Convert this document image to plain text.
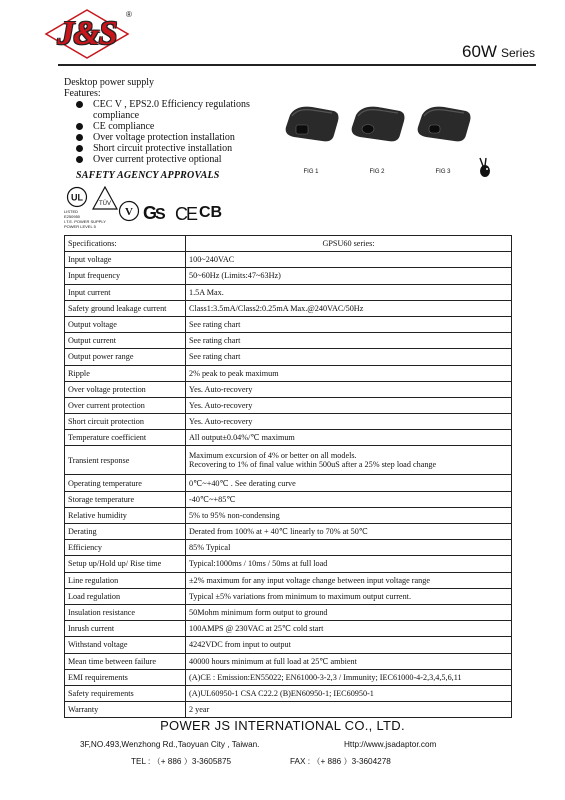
J&S
®
60W Series
Desktop power supply
Features:
CEC V , EPS2.0 Efficiency regulations compliance
CE compliance
Over voltage protection installation
Short circuit protective installation
Over current protective optional
SAFETY AGENCY APPROVALS	FIG 1	FIG 2	FIG 3
UL
LISTED
E250950
I.T.E. POWER SUPPLY
POWER LEVEL 5
TÜV
V G
S CE CB
Specifications:	GPSU60 series:
Input voltage	100~240VAC
Input frequency	50~60Hz (Limits:47~63Hz)
Input current	1.5A Max.
Safety ground leakage current	Class1:3.5mA/Class2:0.25mA Max.@240VAC/50Hz
Output voltage	See rating chart
Output current	See rating chart
Output power range	See rating chart
Ripple	2% peak to peak maximum
Over voltage protection	Yes. Auto-recovery
Over current protection	Yes. Auto-recovery
Short circuit protection	Yes. Auto-recovery
Temperature coefficient	All output±0.04%/℃ maximum
Transient response	Maximum excursion of 4% or better on all models.
Recovering to 1% of final value within 500uS after a 25% step load change

Operating temperature	0℃~+40℃ . See derating curve
Storage temperature	-40℃~+85℃
Relative humidity	5% to 95% non-condensing
Derating	Derated from 100% at + 40℃ linearly to 70% at 50℃
Efficiency	85% Typical
Setup up/Hold up/ Rise time	Typical:1000ms / 10ms / 50ms at full load
Line regulation	±2% maximum for any input voltage change between input voltage range
Load regulation	Typical ±5% variations from minimum to maximum output current.
Insulation resistance	50Mohm minimum form output to ground
Inrush current	100AMPS @ 230VAC at 25℃ cold start
Withstand voltage	4242VDC from input to output
Mean time between failure	40000 hours minimum at full load at 25℃ ambient
EMI requirements	(A)CE : Emission:EN55022; EN61000-3-2,3 / Immunity; IEC61000-4-2,3,4,5,6,11
Safety requirements	(A)UL60950-1 CSA C22.2 (B)EN60950-1; IEC60950-1
Warranty	2 year
POWER JS INTERNATIONAL CO., LTD.
3F,NO.493,Wenzhong Rd.,Taoyuan City , Taiwan.	Http://www.jsadaptor.com
TEL : （+ 886 ）3-3605875	FAX : （+ 886 ）3-3604278
